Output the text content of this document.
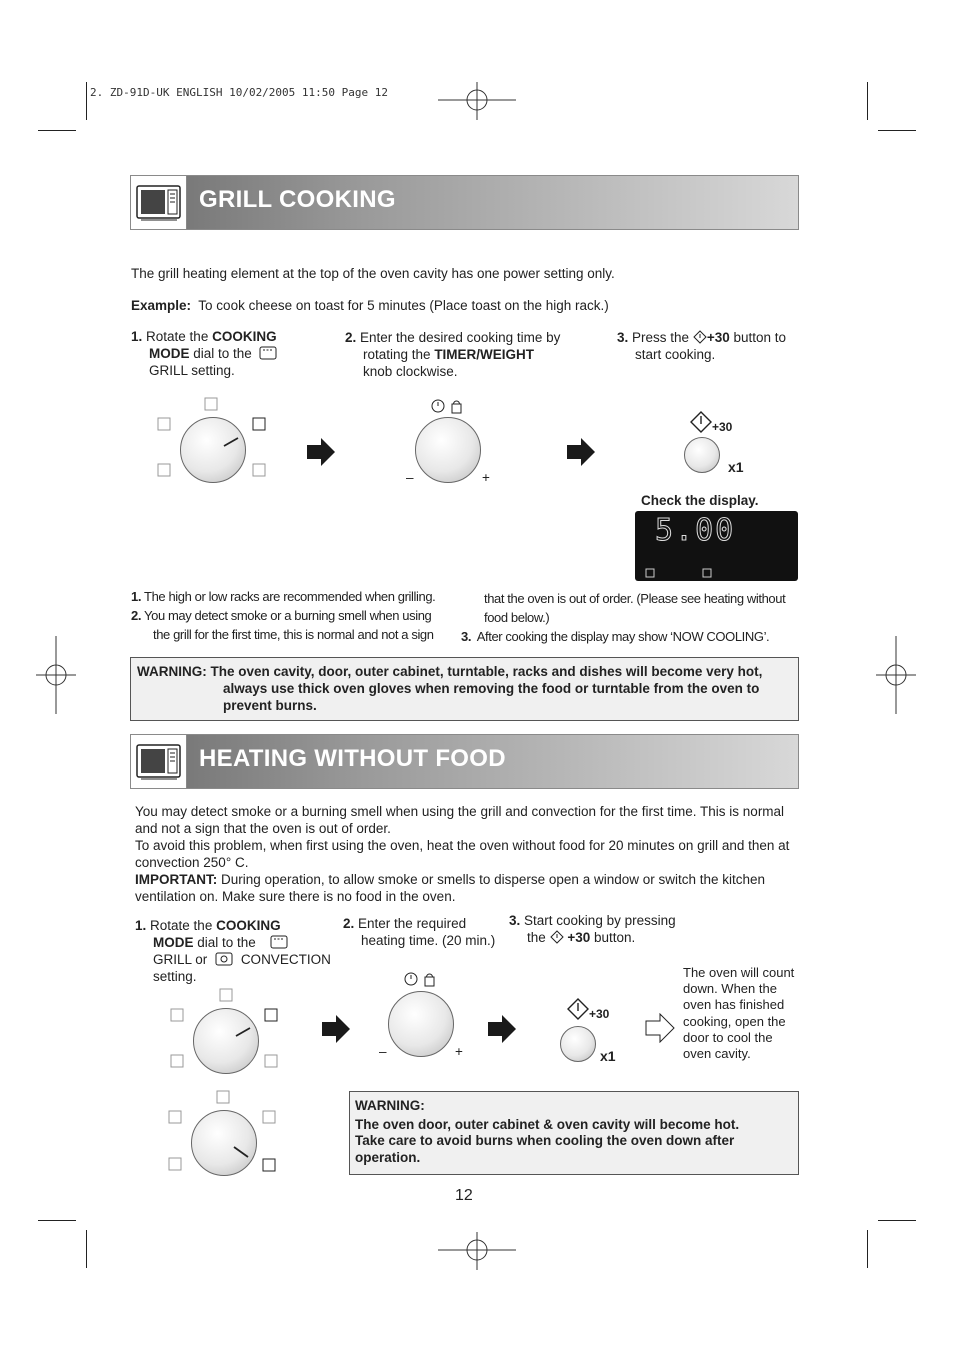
2. ZD-91D-UK ENGLISH 10/02/2005 11:50 Page 12
GRILL COOKING
The grill heating element at the top of the oven cavity has one power setting only.
Example: To cook cheese on toast for 5 minutes (Place toast on the high rack.)
1. Rotate the COOKING
MODE dial to the
GRILL setting.
2. Enter the desired cooking time by
rotating the TIMER/WEIGHT
knob clockwise.
3. Press the +30 button to
start cooking.
–	+
+30
x1
Check the display.
5.00
1. The high or low racks are recommended when grilling.
2. You may detect smoke or a burning smell when using
the grill for the first time, this is normal and not a sign
that the oven is out of order. (Please see heating without
food below.)
3. After cooking the display may show ‘NOW COOLING’.
WARNING: The oven cavity, door, outer cabinet, turntable, racks and dishes will become very hot,
always use thick oven gloves when removing the food or turntable from the oven to
prevent burns.
HEATING WITHOUT FOOD
You may detect smoke or a burning smell when using the grill and convection for the first time. This is normal
and not a sign that the oven is out of order.
To avoid this problem, when first using the oven, heat the oven without food for 20 minutes on grill and then at
convection 250° C.
IMPORTANT: During operation, to allow smoke or smells to disperse open a window or switch the kitchen
ventilation on. Make sure there is no food in the oven.
1. Rotate the COOKING
MODE dial to the
GRILL or CONVECTION
setting.
2. Enter the required
heating time. (20 min.)
3. Start cooking by pressing
the +30 button.
The oven will count
down. When the
oven has finished
cooking, open the
door to cool the
oven cavity.
–	+
+30
x1
WARNING:
The oven door, outer cabinet & oven cavity will become hot.
Take care to avoid burns when cooling the oven down after
operation.
12
